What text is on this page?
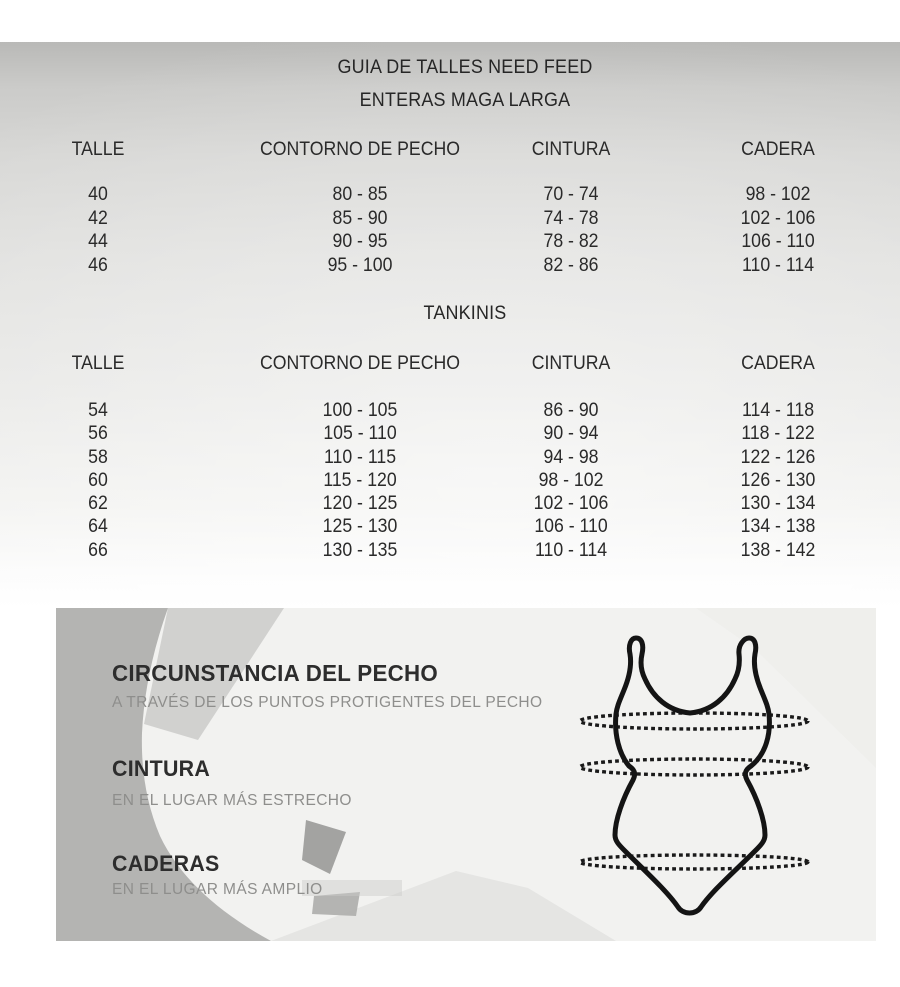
GUIA DE TALLES NEED FEED
ENTERAS MAGA LARGA
TALLE	CONTORNO DE PECHO	CINTURA	CADERA
40	80 - 85	70 - 74	98 - 102
42	85 - 90	74 - 78	102 - 106
44	90 - 95	78 - 82	106 - 110
46	95 - 100	82 - 86	110 - 114
TANKINIS
TALLE	CONTORNO DE PECHO	CINTURA	CADERA
54	100 - 105	86 - 90	114 - 118
56	105 - 110	90 - 94	118 - 122
58	110 - 115	94 - 98	122 - 126
60	115 - 120	98 - 102	126 - 130
62	120 - 125	102 - 106	130 - 134
64	125 - 130	106 - 110	134 - 138
66	130 - 135	110 - 114	138 - 142
CIRCUNSTANCIA DEL PECHO
A TRAVÉS DE LOS PUNTOS PROTIGENTES DEL PECHO
CINTURA
EN EL LUGAR MÁS ESTRECHO
CADERAS
EN EL LUGAR MÁS AMPLIO
